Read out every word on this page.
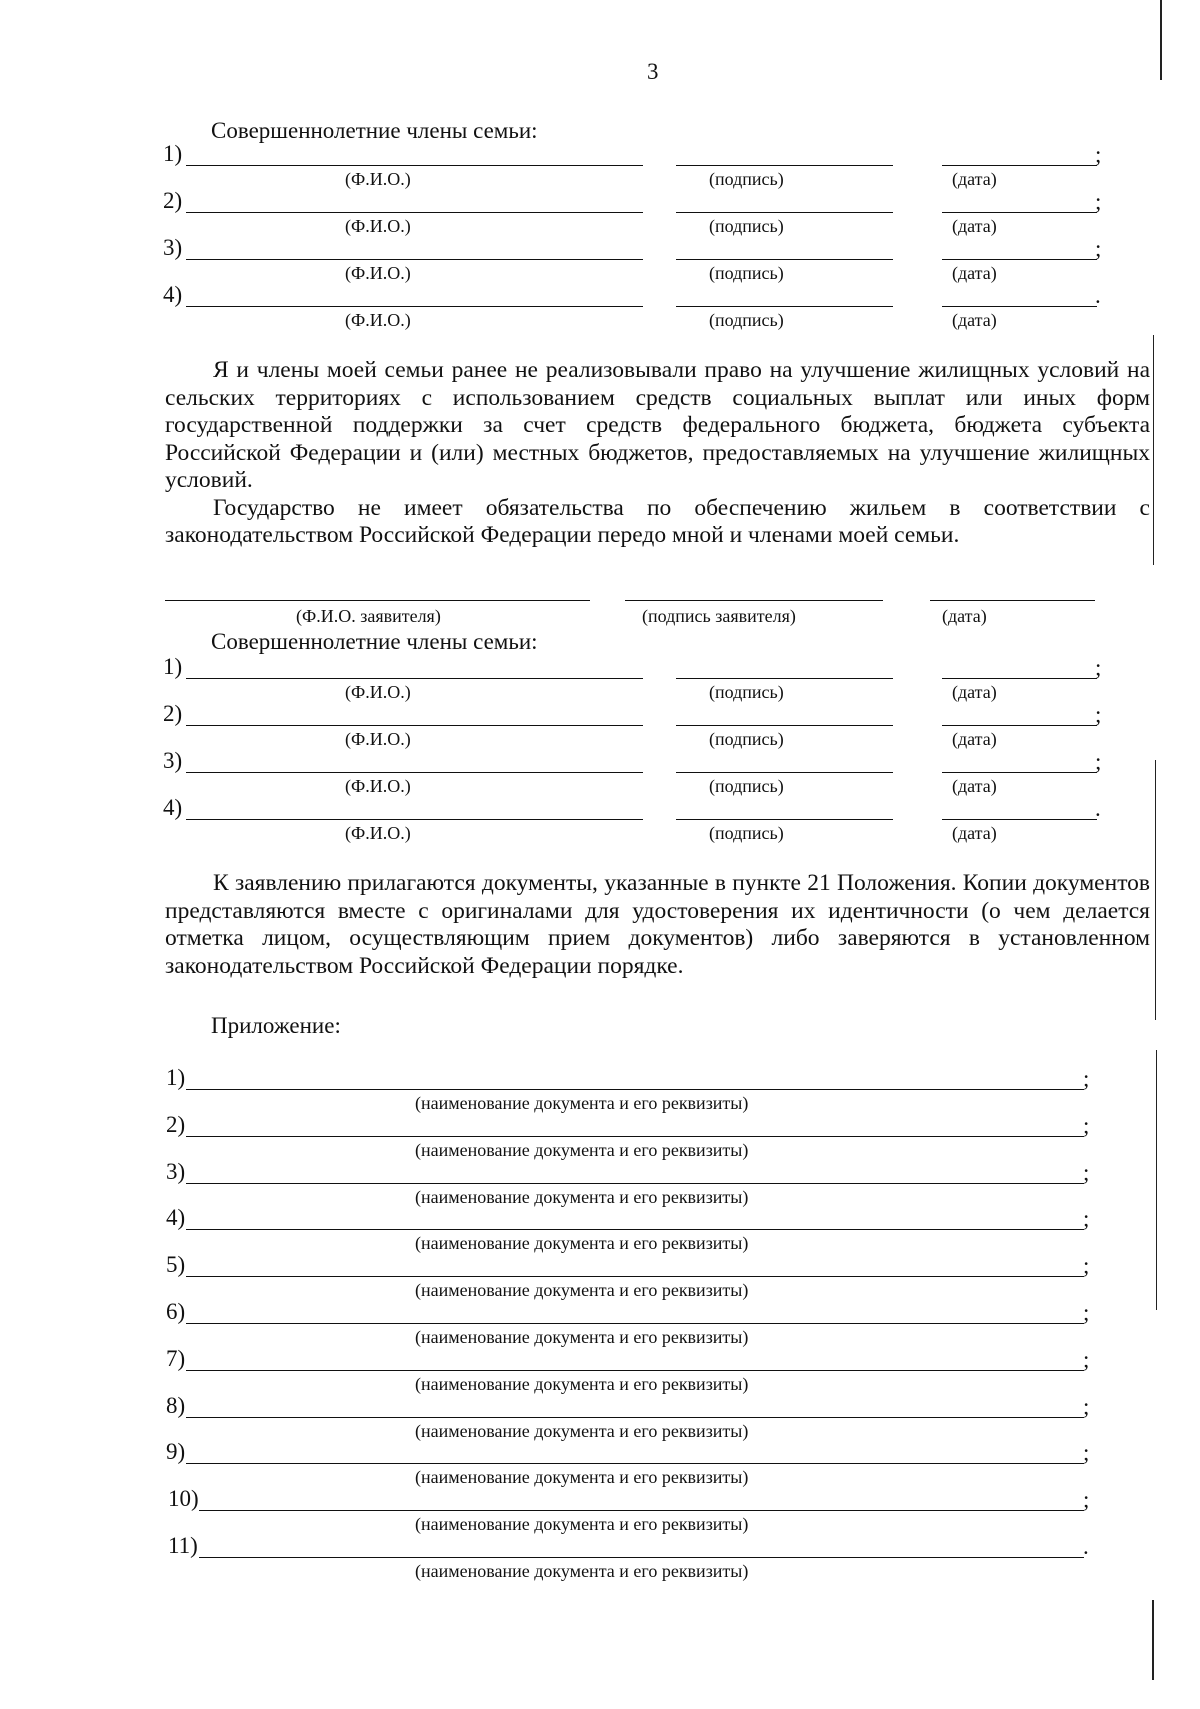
3
Совершеннолетние члены семьи:
1)	;
(Ф.И.О.)	(подпись)	(дата)
2)	;
(Ф.И.О.)	(подпись)	(дата)
3)	;
(Ф.И.О.)	(подпись)	(дата)
4)	.
(Ф.И.О.)	(подпись)	(дата)

Я и члены моей семьи ранее не реализовывали право на улучшение жилищных условий на сельских территориях с использованием средств социальных выплат или иных форм государственной поддержки за счет средств федерального бюджета, бюджета субъекта Российской Федерации и (или) местных бюджетов, предоставляемых на улучшение жилищных условий.

Государство не имеет обязательства по обеспечению жильем в соответствии с законодательством Российской Федерации передо мной и членами моей семьи.

(Ф.И.О. заявителя)	(подпись заявителя)	(дата)
Совершеннолетние члены семьи:
1)	;
(Ф.И.О.)	(подпись)	(дата)
2)	;
(Ф.И.О.)	(подпись)	(дата)
3)	;
(Ф.И.О.)	(подпись)	(дата)
4)	.
(Ф.И.О.)	(подпись)	(дата)

К заявлению прилагаются документы, указанные в пункте 21 Положения. Копии документов представляются вместе с оригиналами для удостоверения их идентичности (о чем делается отметка лицом, осуществляющим прием документов) либо заверяются в установленном законодательством Российской Федерации порядке.

Приложение:
1)	;
(наименование документа и его реквизиты)
2)	;
(наименование документа и его реквизиты)
3)	;
(наименование документа и его реквизиты)
4)	;
(наименование документа и его реквизиты)
5)	;
(наименование документа и его реквизиты)
6)	;
(наименование документа и его реквизиты)
7)	;
(наименование документа и его реквизиты)
8)	;
(наименование документа и его реквизиты)
9)	;
(наименование документа и его реквизиты)
10)	;
(наименование документа и его реквизиты)
11)	.
(наименование документа и его реквизиты)
